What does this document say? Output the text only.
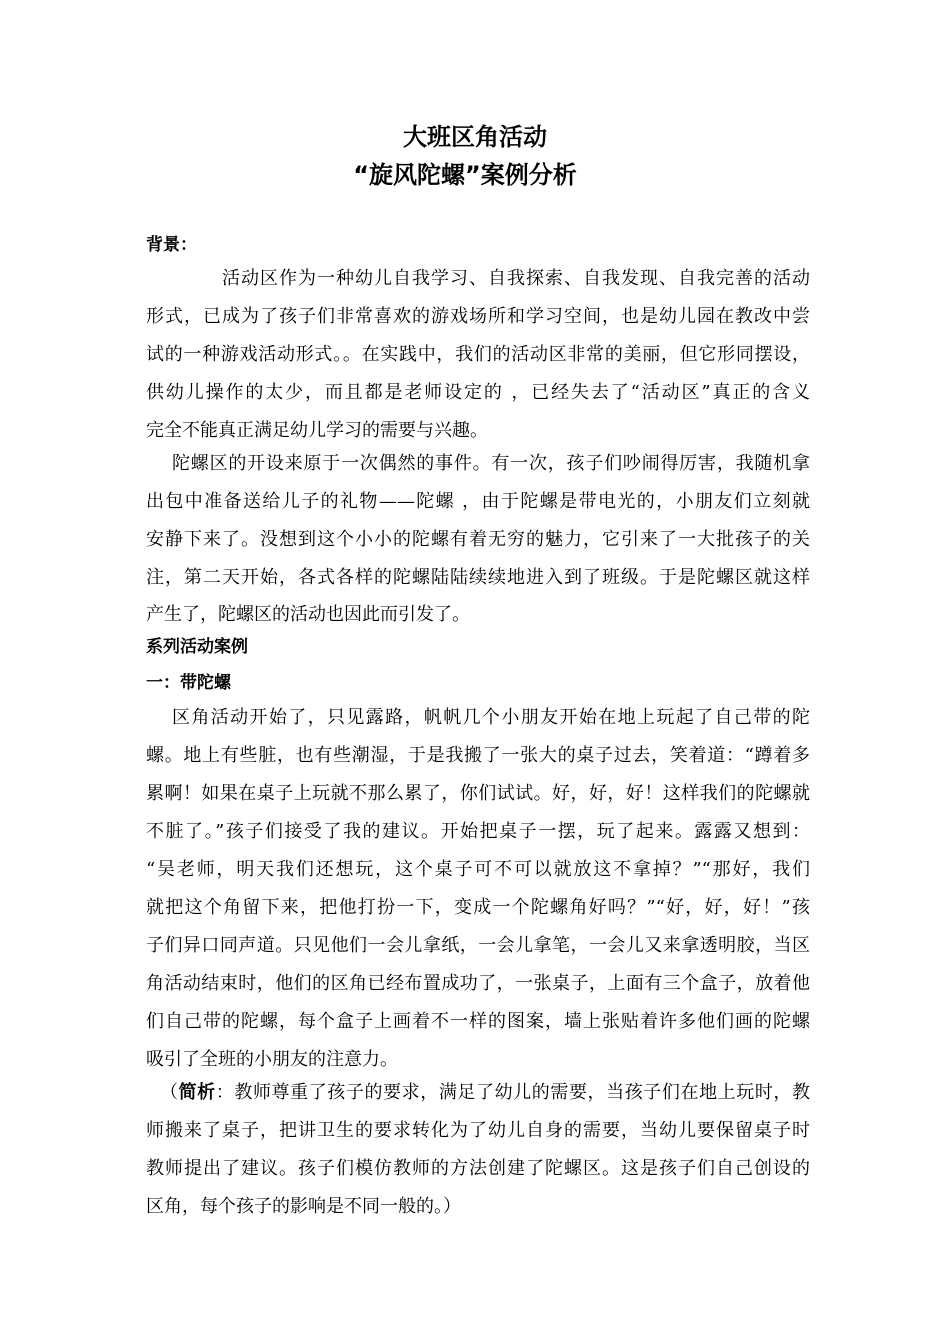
大班区角活动
“旋风陀螺”案例分析
背景：

活动区作为一种幼儿自我学习、自我探索、自我发现、自我完善的活动

形式，已成为了孩子们非常喜欢的游戏场所和学习空间，也是幼儿园在教改中尝

试的一种游戏活动形式。。在实践中，我们的活动区非常的美丽，但它形同摆设，

供幼儿操作的太少，而且都是老师设定的 ，已经失去了“活动区”真正的含义

完全不能真正满足幼儿学习的需要与兴趣。

陀螺区的开设来原于一次偶然的事件。有一次，孩子们吵闹得厉害，我随机拿

出包中准备送给儿子的礼物——陀螺 ，由于陀螺是带电光的，小朋友们立刻就

安静下来了。没想到这个小小的陀螺有着无穷的魅力，它引来了一大批孩子的关

注，第二天开始，各式各样的陀螺陆陆续续地进入到了班级。于是陀螺区就这样

产生了，陀螺区的活动也因此而引发了。

系列活动案例
一：带陀螺

区角活动开始了，只见露路，帆帆几个小朋友开始在地上玩起了自己带的陀

螺。地上有些脏，也有些潮湿，于是我搬了一张大的桌子过去，笑着道：“蹲着多

累啊！如果在桌子上玩就不那么累了，你们试试。好，好，好！这样我们的陀螺就

不脏了。”孩子们接受了我的建议。开始把桌子一摆，玩了起来。露露又想到：

“吴老师，明天我们还想玩，这个桌子可不可以就放这不拿掉？”“那好，我们

就把这个角留下来，把他打扮一下，变成一个陀螺角好吗？”“好，好，好！”孩

子们异口同声道。只见他们一会儿拿纸，一会儿拿笔，一会儿又来拿透明胶，当区

角活动结束时，他们的区角已经布置成功了，一张桌子，上面有三个盒子，放着他

们自己带的陀螺，每个盒子上画着不一样的图案，墙上张贴着许多他们画的陀螺

吸引了全班的小朋友的注意力。

（简析：教师尊重了孩子的要求，满足了幼儿的需要，当孩子们在地上玩时，教

师搬来了桌子，把讲卫生的要求转化为了幼儿自身的需要，当幼儿要保留桌子时

教师提出了建议。孩子们模仿教师的方法创建了陀螺区。这是孩子们自己创设的

区角，每个孩子的影响是不同一般的。）
